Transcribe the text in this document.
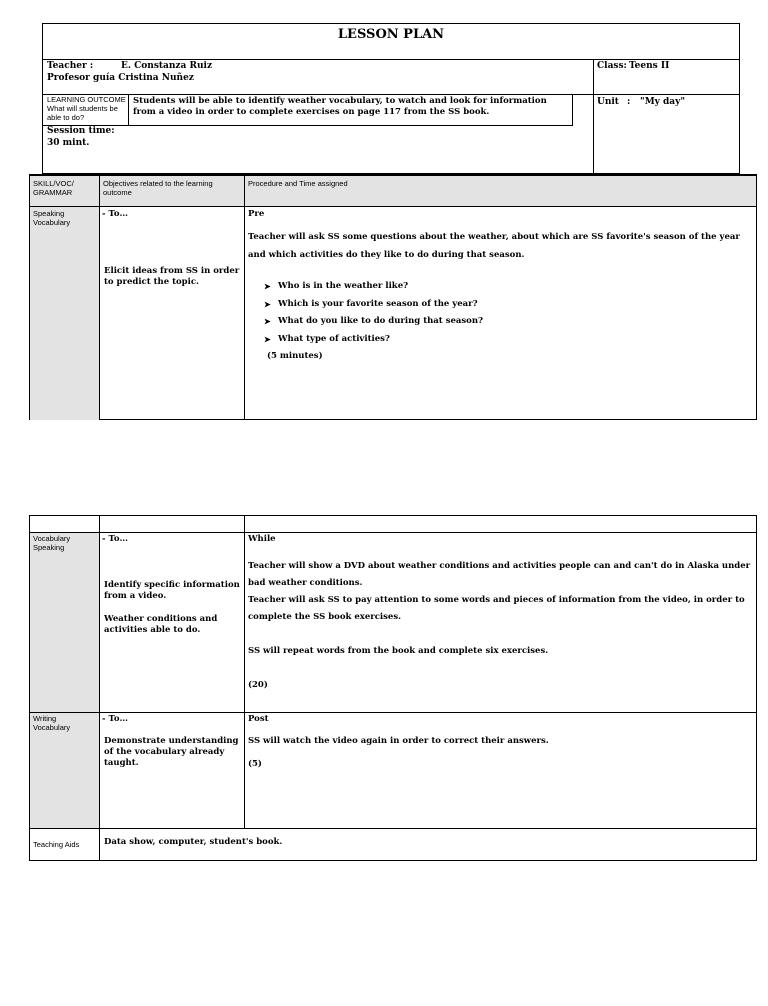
LESSON PLAN
Teacher :	E. Constanza Ruiz
Profesor guía Cristina Nuñez
Class: Teens II
LEARNING OUTCOME
What will students be able to do?
Students will be able to identify weather vocabulary, to watch and look for information from a video in order to complete exercises on page 117 from the SS book.
Session time:
30 mint.
Unit : "My day"
SKILL/VOC/ GRAMMAR
Objectives related to the learning outcome
Procedure and Time assigned
Speaking Vocabulary
- To…
Elicit ideas from SS in order to predict the topic.
Pre
Teacher will ask SS some questions about the weather, about which are SS favorite's season of the year and which activities do they like to do during that season.
➤ Who is in the weather like?
➤ Which is your favorite season of the year?
➤ What do you like to do during that season?
➤ What type of activities?
(5 minutes)
Vocabulary Speaking
- To…
Identify specific information from a video.
Weather conditions and activities able to do.
While

Teacher will show a DVD about weather conditions and activities people can and can't do in Alaska under bad weather conditions.

Teacher will ask SS to pay attention to some words and pieces of information from the video, in order to complete the SS book exercises.

SS will repeat words from the book and complete six exercises.

(20)

Writing Vocabulary
- To…
Demonstrate understanding of the vocabulary already taught.
Post
SS will watch the video again in order to correct their answers.
(5)
Teaching Aids	Data show, computer, student's book.
